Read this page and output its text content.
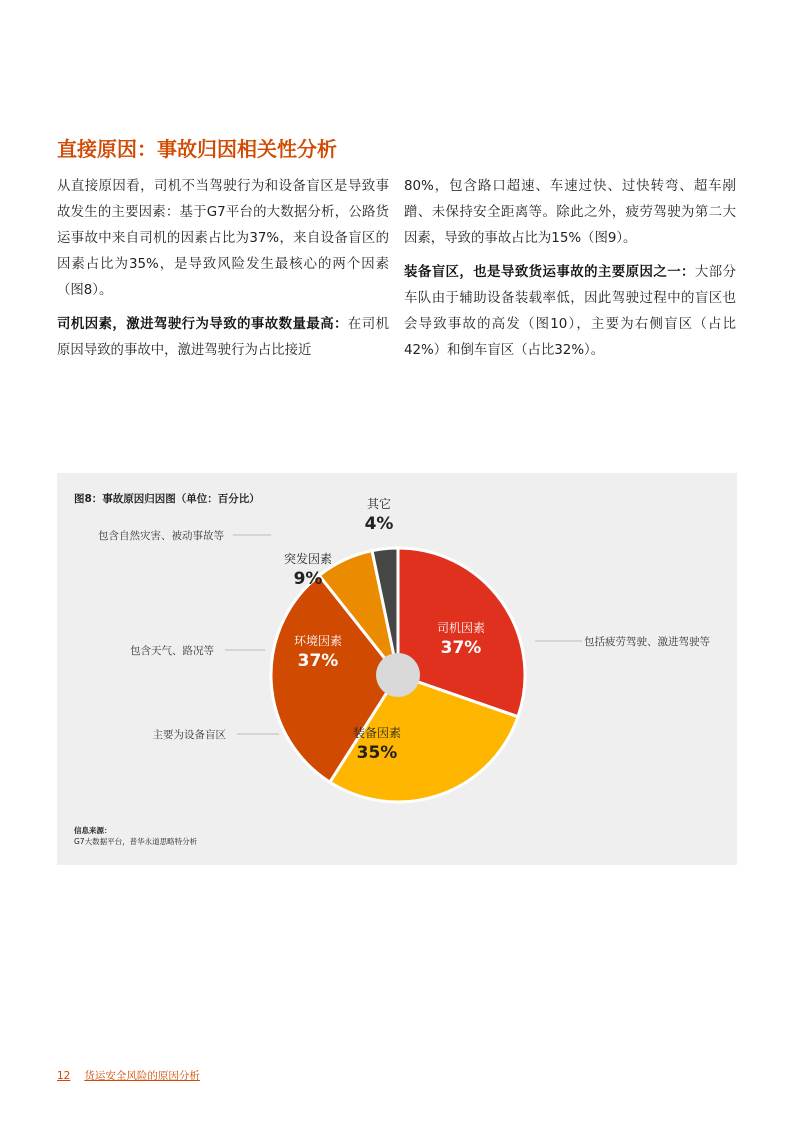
直接原因：事故归因相关性分析

从直接原因看，司机不当驾驶行为和设备盲区是导致事故发生的主要因素：基于G7平台的大数据分析，公路货运事故中来自司机的因素占比为37%，来自设备盲区的因素占比为35%，是导致风险发生最核心的两个因素（图8）。

司机因素，激进驾驶行为导致的事故数量最高：在司机原因导致的事故中，激进驾驶行为占比接近

80%，包含路口超速、车速过快、过快转弯、超车剐蹭、未保持安全距离等。除此之外，疲劳驾驶为第二大因素，导致的事故占比为15%（图9）。

装备盲区，也是导致货运事故的主要原因之一：大部分车队由于辅助设备装载率低，因此驾驶过程中的盲区也会导致事故的高发（图10），主要为右侧盲区（占比42%）和倒车盲区（占比32%）。

图8：事故原因归因图（单位：百分比）
司机因素
37%	包括疲劳驾驶、激进驾驶等
装备因素
35%
主要为设备盲区
环境因素
37%
包含天气、路况等
突发因素
9%
包含自然灾害、被动事故等
其它
4%
信息来源：
G7大数据平台，普华永道思略特分析
12 货运安全风险的原因分析
